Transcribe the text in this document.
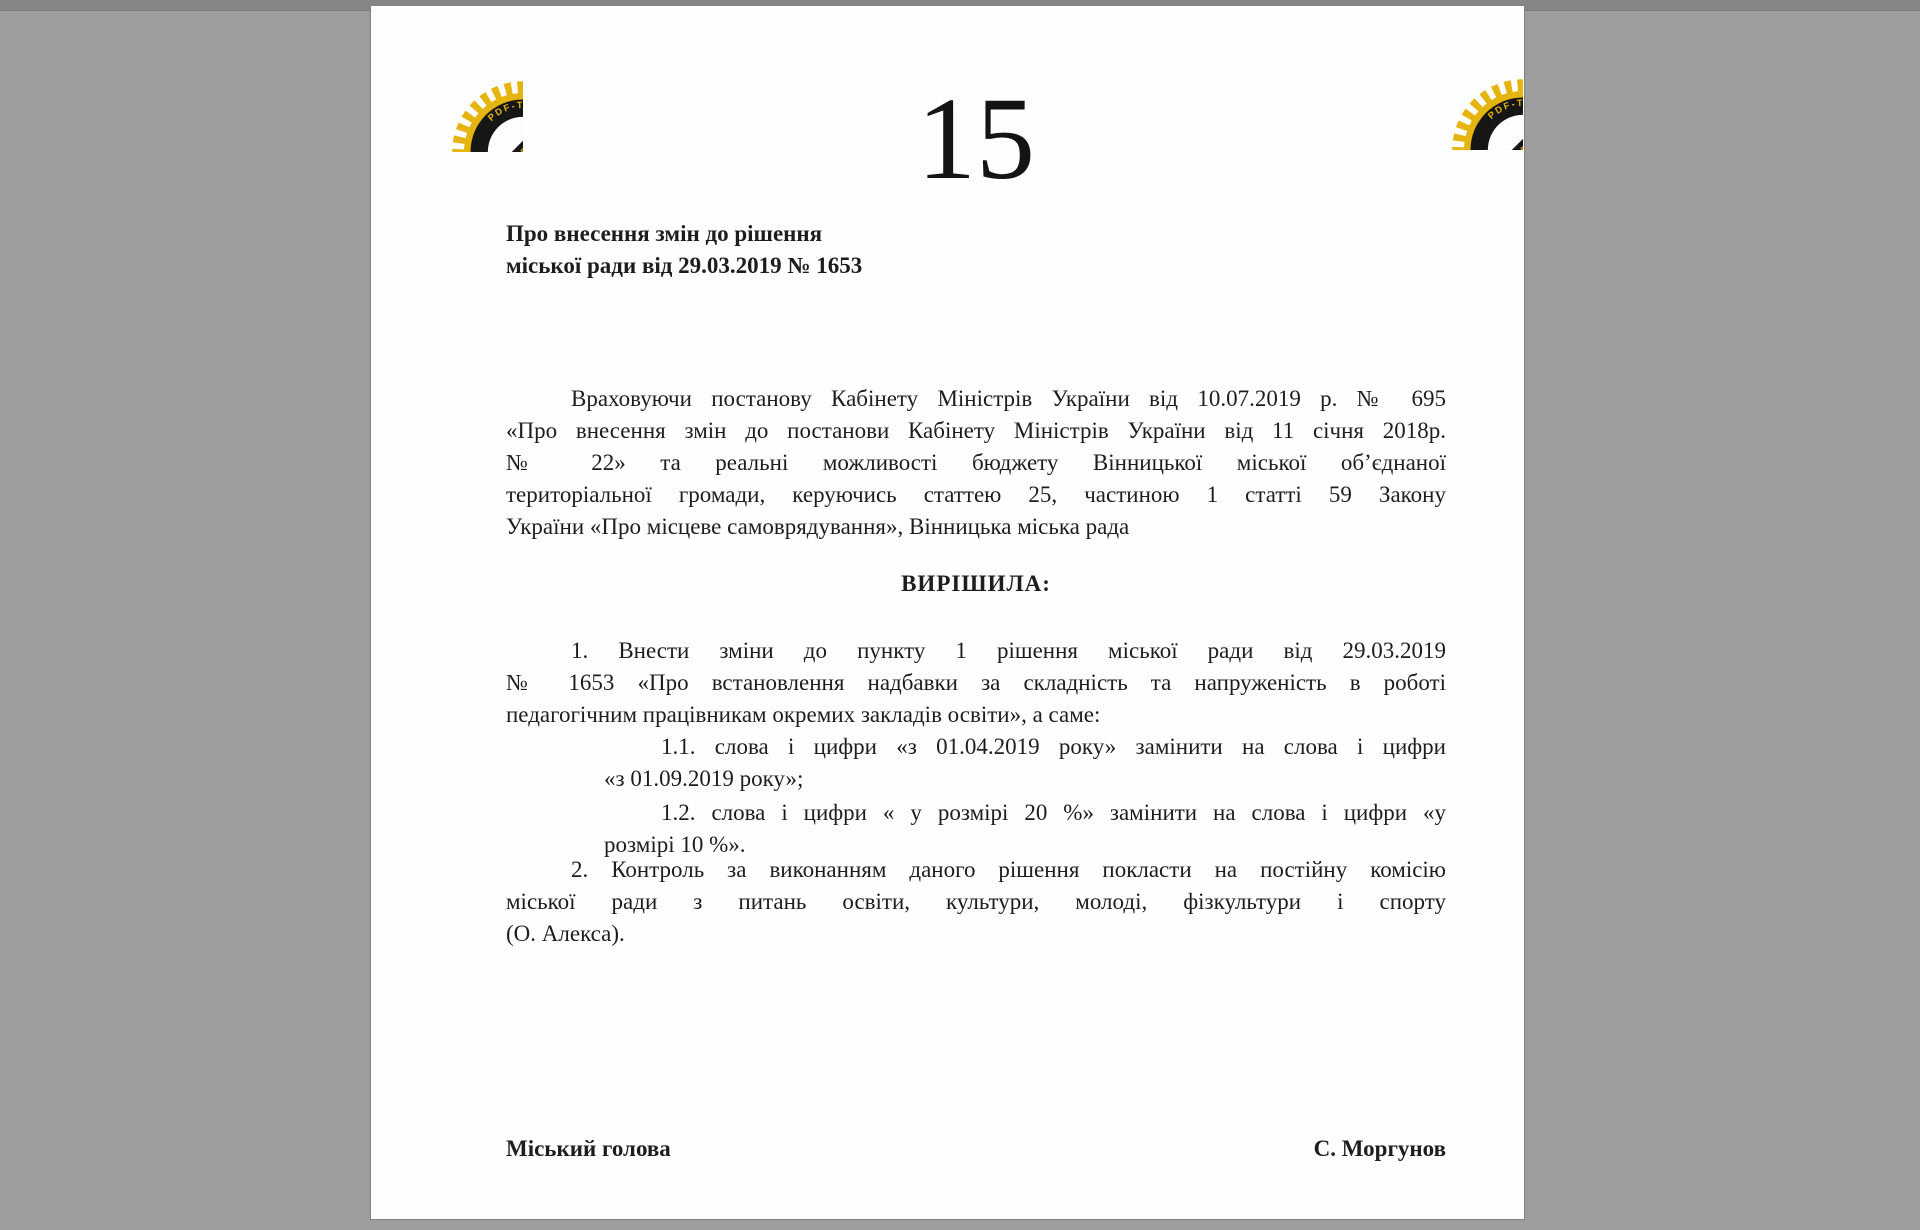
15
Про внесення змін до рішення
міської ради від 29.03.2019 № 1653
Враховуючи постанову Кабінету Міністрів України від 10.07.2019 р. № 695
«Про внесення змін до постанови Кабінету Міністрів України від 11 січня 2018р.
№ 22» та реальні можливості бюджету Вінницької міської об’єднаної
територіальної громади, керуючись статтею 25, частиною 1 статті 59 Закону
України «Про місцеве самоврядування», Вінницька міська рада
ВИРІШИЛА:
1. Внести зміни до пункту 1 рішення міської ради від 29.03.2019
№ 1653 «Про встановлення надбавки за складність та напруженість в роботі
педагогічним працівникам окремих закладів освіти», а саме:
1.1. слова і цифри «з 01.04.2019 року» замінити на слова і цифри
«з 01.09.2019 року»;
1.2. слова і цифри « у розмірі 20 %» замінити на слова і цифри «у
розмірі 10 %».
2. Контроль за виконанням даного рішення покласти на постійну комісію
міської ради з питань освіти, культури, молоді, фізкультури і спорту
(О. Алекса).
Міський голова	С. Моргунов
